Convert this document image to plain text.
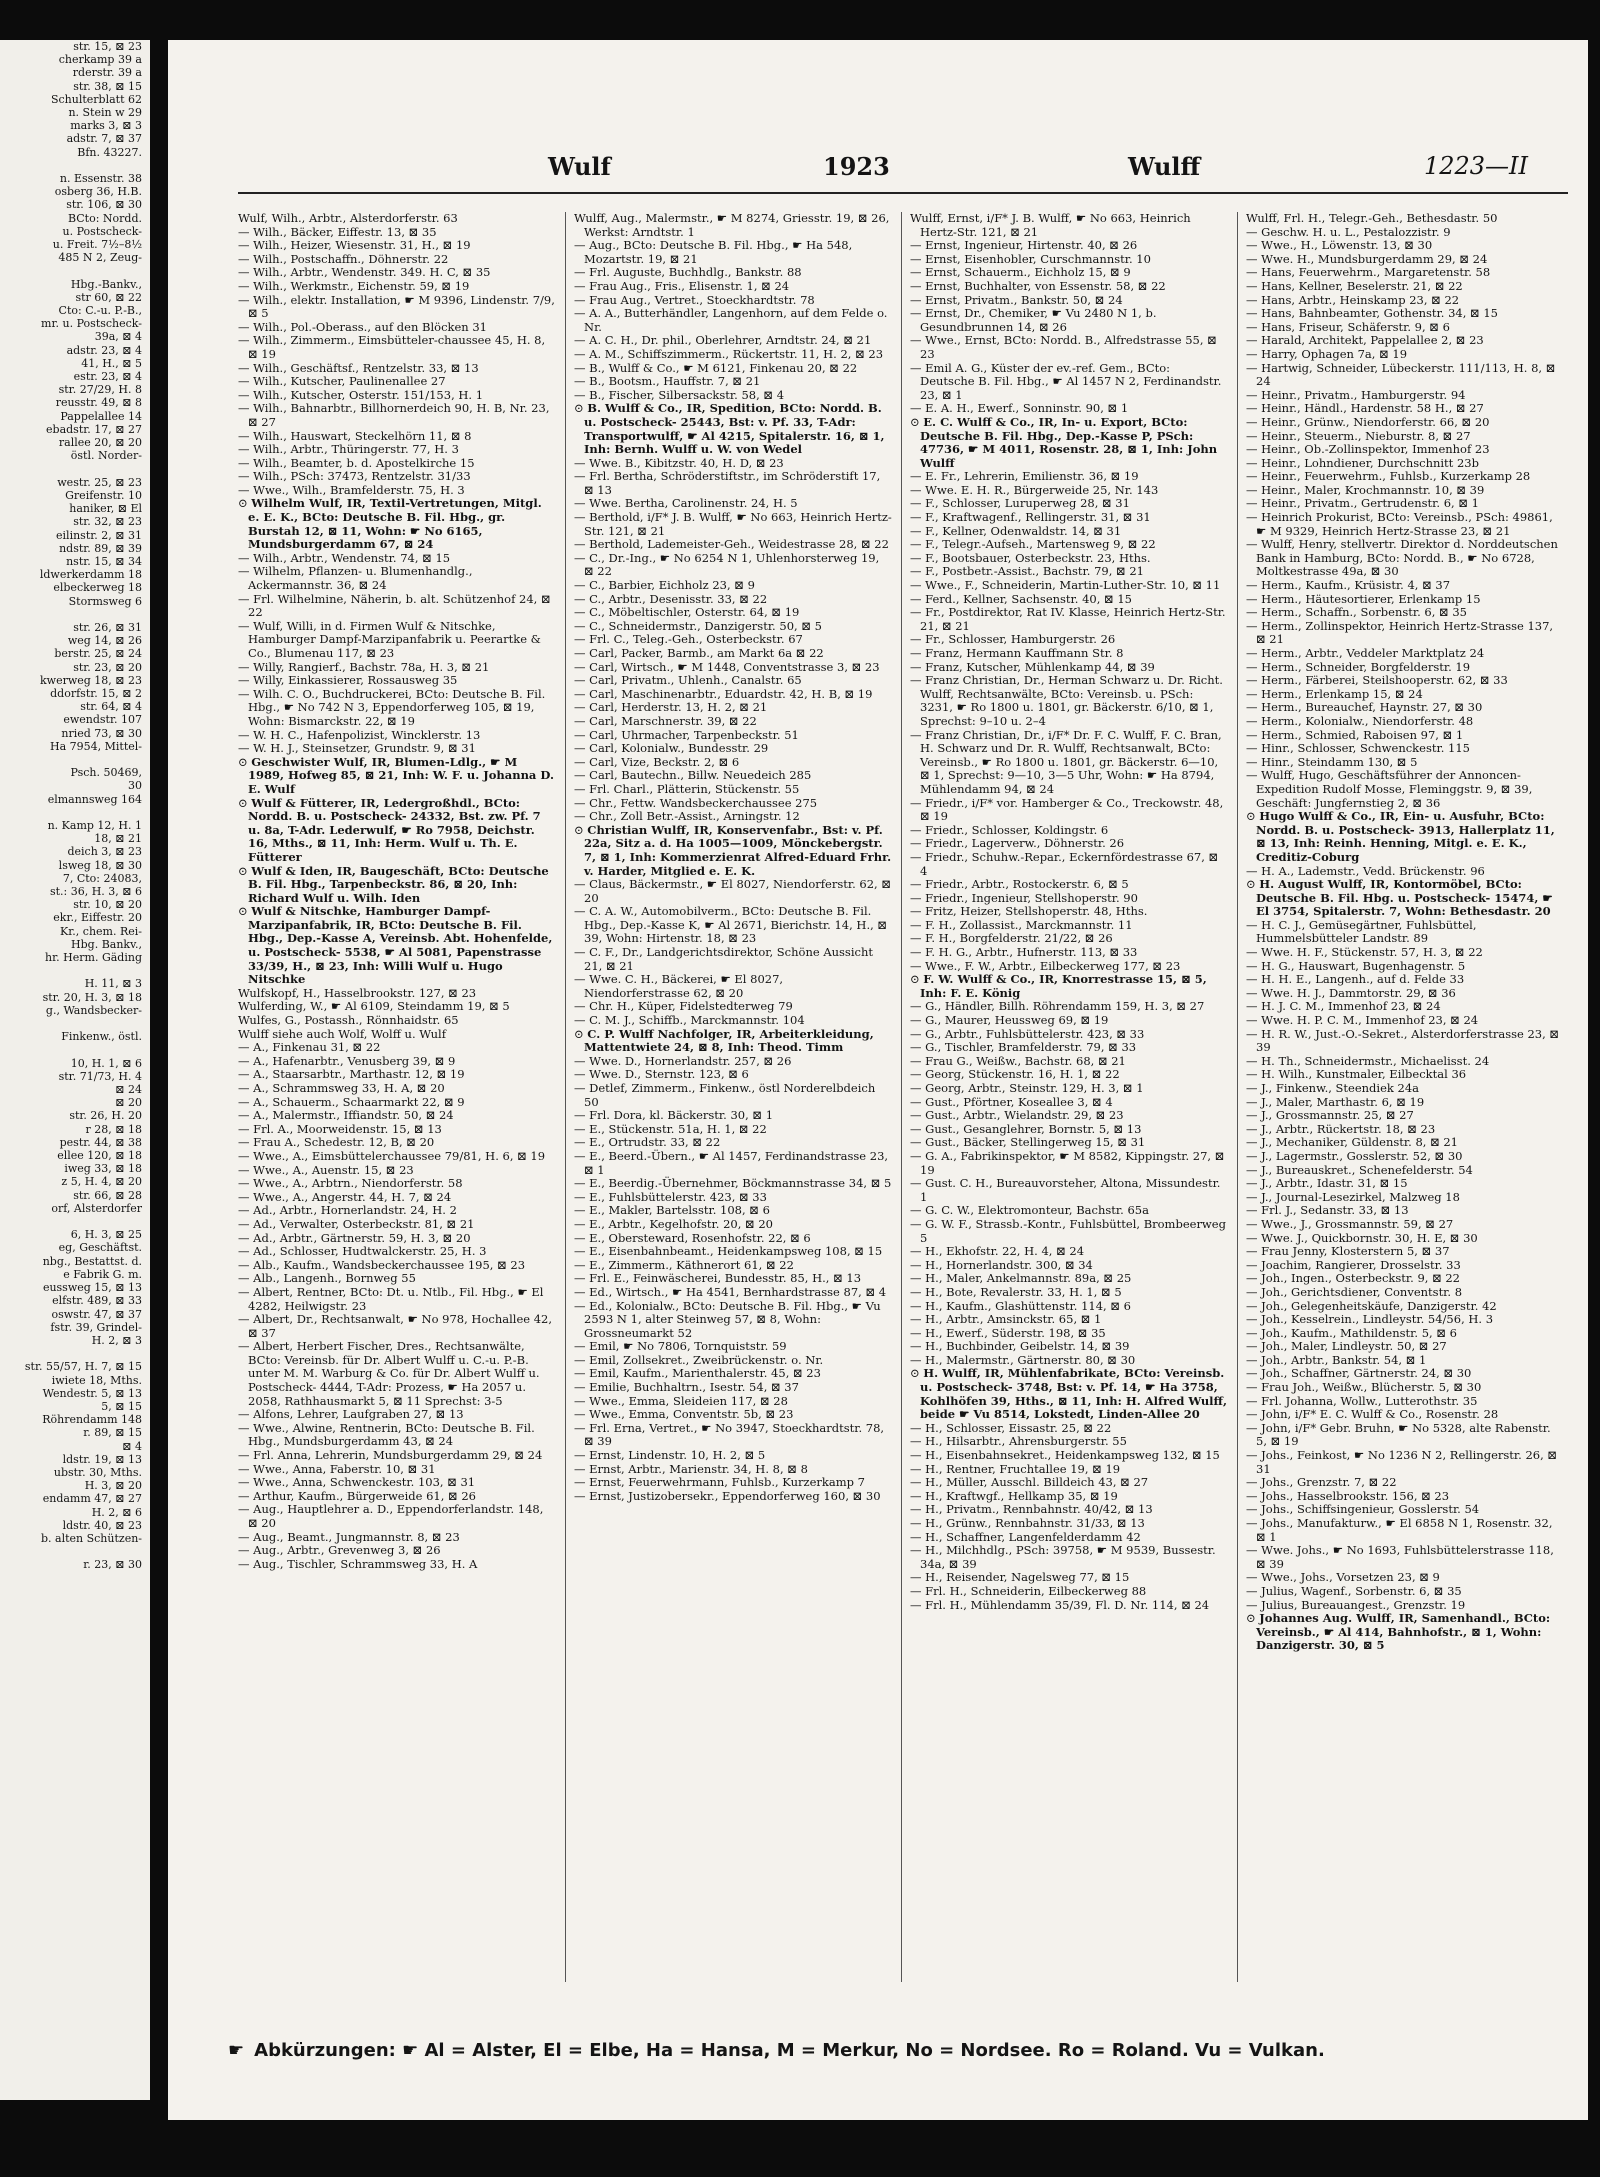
str. 15, ⊠ 23
cherkamp 39 a
rderstr. 39 a
str. 38, ⊠ 15
Schulterblatt 62
n. Stein w 29
marks 3, ⊠ 3
adstr. 7, ⊠ 37
Bfn. 43227.

n. Essenstr. 38
osberg 36, H.B.
str. 106, ⊠ 30
BCto: Nordd.
u. Postscheck-
u. Freit. 7½–8½
485 N 2, Zeug-

Hbg.-Bankv.,
str 60, ⊠ 22
Cto: C.-u. P.-B.,
mr. u. Postscheck-
39a, ⊠ 4
adstr. 23, ⊠ 4
41, H., ⊠ 5
estr. 23, ⊠ 4
str. 27/29, H. 8
reusstr. 49, ⊠ 8
Pappelallee 14
ebadstr. 17, ⊠ 27
rallee 20, ⊠ 20
östl. Norder-

westr. 25, ⊠ 23
Greifenstr. 10
haniker, ⊠ El
str. 32, ⊠ 23
eilinstr. 2, ⊠ 31
ndstr. 89, ⊠ 39
nstr. 15, ⊠ 34
ldwerkerdamm 18
elbeckerweg 18
Stormsweg 6

str. 26, ⊠ 31
weg 14, ⊠ 26
berstr. 25, ⊠ 24
str. 23, ⊠ 20
kwerweg 18, ⊠ 23
ddorfstr. 15, ⊠ 2
str. 64, ⊠ 4
ewendstr. 107
nried 73, ⊠ 30
Ha 7954, Mittel-

Psch. 50469,
30
elmannsweg 164

n. Kamp 12, H. 1
18, ⊠ 21
deich 3, ⊠ 23
lsweg 18, ⊠ 30
7, Cto: 24083,
st.: 36, H. 3, ⊠ 6
str. 10, ⊠ 20
ekr., Eiffestr. 20
Kr., chem. Rei-
Hbg. Bankv.,
hr. Herm. Gäding

H. 11, ⊠ 3
str. 20, H. 3, ⊠ 18
g., Wandsbecker-

Finkenw., östl.

10, H. 1, ⊠ 6
str. 71/73, H. 4
⊠ 24
⊠ 20
str. 26, H. 20
r 28, ⊠ 18
pestr. 44, ⊠ 38
ellee 120, ⊠ 18
iweg 33, ⊠ 18
z 5, H. 4, ⊠ 20
str. 66, ⊠ 28
orf, Alsterdorfer

6, H. 3, ⊠ 25
eg, Geschäftst.
nbg., Bestattst. d.
e Fabrik G. m.
eussweg 15, ⊠ 13
elfstr. 489, ⊠ 33
oswstr. 47, ⊠ 37
fstr. 39, Grindel-
H. 2, ⊠ 3

str. 55/57, H. 7, ⊠ 15
iwiete 18, Mths.
Wendestr. 5, ⊠ 13
5, ⊠ 15
Röhrendamm 148
r. 89, ⊠ 15
⊠ 4
ldstr. 19, ⊠ 13
ubstr. 30, Mths.
H. 3, ⊠ 20
endamm 47, ⊠ 27
H. 2, ⊠ 6
ldstr. 40, ⊠ 23
b. alten Schützen-

r. 23, ⊠ 30
Wulf	1923	Wulff	1223—II
Wulf, Wilh., Arbtr., Alsterdorferstr. 63
— Wilh., Bäcker, Eiffestr. 13, ⊠ 35
— Wilh., Heizer, Wiesenstr. 31, H., ⊠ 19
— Wilh., Postschaffn., Döhnerstr. 22
— Wilh., Arbtr., Wendenstr. 349. H. C, ⊠ 35
— Wilh., Werkmstr., Eichenstr. 59, ⊠ 19
— Wilh., elektr. Installation, ☛ M 9396, Lindenstr. 7/9, ⊠ 5
— Wilh., Pol.-Oberass., auf den Blöcken 31
— Wilh., Zimmerm., Eimsbütteler-chaussee 45, H. 8, ⊠ 19
— Wilh., Geschäftsf., Rentzelstr. 33, ⊠ 13
— Wilh., Kutscher, Paulinenallee 27
— Wilh., Kutscher, Osterstr. 151/153, H. 1
— Wilh., Bahnarbtr., Billhornerdeich 90, H. B, Nr. 23, ⊠ 27
— Wilh., Hauswart, Steckelhörn 11, ⊠ 8
— Wilh., Arbtr., Thüringerstr. 77, H. 3
— Wilh., Beamter, b. d. Apostelkirche 15
— Wilh., PSch: 37473, Rentzelstr. 31/33
— Wwe., Wilh., Bramfelderstr. 75, H. 3
⊙ Wilhelm Wulf, IR, Textil-Vertretungen, Mitgl. e. E. K., BCto: Deutsche B. Fil. Hbg., gr. Burstah 12, ⊠ 11, Wohn: ☛ No 6165, Mundsburgerdamm 67, ⊠ 24
— Wilh., Arbtr., Wendenstr. 74, ⊠ 15
— Wilhelm, Pflanzen- u. Blumenhandlg., Ackermannstr. 36, ⊠ 24
— Frl. Wilhelmine, Näherin, b. alt. Schützenhof 24, ⊠ 22
— Wulf, Willi, in d. Firmen Wulf & Nitschke, Hamburger Dampf-Marzipanfabrik u. Peerartke & Co., Blumenau 117, ⊠ 23
— Willy, Rangierf., Bachstr. 78a, H. 3, ⊠ 21
— Willy, Einkassierer, Rossausweg 35
— Wilh. C. O., Buchdruckerei, BCto: Deutsche B. Fil. Hbg., ☛ No 742 N 3, Eppendorferweg 105, ⊠ 19, Wohn: Bismarckstr. 22, ⊠ 19
— W. H. C., Hafenpolizist, Wincklerstr. 13
— W. H. J., Steinsetzer, Grundstr. 9, ⊠ 31
⊙ Geschwister Wulf, IR, Blumen-Ldlg., ☛ M 1989, Hofweg 85, ⊠ 21, Inh: W. F. u. Johanna D. E. Wulf
⊙ Wulf & Fütterer, IR, Ledergroßhdl., BCto: Nordd. B. u. Postscheck- 24332, Bst. zw. Pf. 7 u. 8a, T-Adr. Lederwulf, ☛ Ro 7958, Deichstr. 16, Mths., ⊠ 11, Inh: Herm. Wulf u. Th. E. Fütterer
⊙ Wulf & Iden, IR, Baugeschäft, BCto: Deutsche B. Fil. Hbg., Tarpenbeckstr. 86, ⊠ 20, Inh: Richard Wulf u. Wilh. Iden
⊙ Wulf & Nitschke, Hamburger Dampf-Marzipanfabrik, IR, BCto: Deutsche B. Fil. Hbg., Dep.-Kasse A, Vereinsb. Abt. Hohenfelde, u. Postscheck- 5538, ☛ Al 5081, Papenstrasse 33/39, H., ⊠ 23, Inh: Willi Wulf u. Hugo Nitschke
Wulfskopf, H., Hasselbrookstr. 127, ⊠ 23
Wulferding, W., ☛ Al 6109, Steindamm 19, ⊠ 5
Wulfes, G., Postassh., Rönnhaidstr. 65
Wulff siehe auch Wolf, Wolff u. Wulf
— A., Finkenau 31, ⊠ 22
— A., Hafenarbtr., Venusberg 39, ⊠ 9
— A., Staarsarbtr., Marthastr. 12, ⊠ 19
— A., Schrammsweg 33, H. A, ⊠ 20
— A., Schauerm., Schaarmarkt 22, ⊠ 9
— A., Malermstr., Iffiandstr. 50, ⊠ 24
— Frl. A., Moorweidenstr. 15, ⊠ 13
— Frau A., Schedestr. 12, B, ⊠ 20
— Wwe., A., Eimsbüttelerchaussee 79/81, H. 6, ⊠ 19
— Wwe., A., Auenstr. 15, ⊠ 23
— Wwe., A., Arbtrn., Niendorferstr. 58
— Wwe., A., Angerstr. 44, H. 7, ⊠ 24
— Ad., Arbtr., Hornerlandstr. 24, H. 2
— Ad., Verwalter, Osterbeckstr. 81, ⊠ 21
— Ad., Arbtr., Gärtnerstr. 59, H. 3, ⊠ 20
— Ad., Schlosser, Hudtwalckerstr. 25, H. 3
— Alb., Kaufm., Wandsbeckerchaussee 195, ⊠ 23
— Alb., Langenh., Bornweg 55
— Albert, Rentner, BCto: Dt. u. Ntlb., Fil. Hbg., ☛ El 4282, Heilwigstr. 23
— Albert, Dr., Rechtsanwalt, ☛ No 978, Hochallee 42, ⊠ 37
— Albert, Herbert Fischer, Dres., Rechtsanwälte, BCto: Vereinsb. für Dr. Albert Wulff u. C.-u. P.-B. unter M. M. Warburg & Co. für Dr. Albert Wulff u. Postscheck- 4444, T-Adr: Prozess, ☛ Ha 2057 u. 2058, Rathhausmarkt 5, ⊠ 11 Sprechst: 3-5
— Alfons, Lehrer, Laufgraben 27, ⊠ 13
— Wwe., Alwine, Rentnerin, BCto: Deutsche B. Fil. Hbg., Mundsburgerdamm 43, ⊠ 24
— Frl. Anna, Lehrerin, Mundsburgerdamm 29, ⊠ 24
— Wwe., Anna, Faberstr. 10, ⊠ 31
— Wwe., Anna, Schwenckestr. 103, ⊠ 31
— Arthur, Kaufm., Bürgerweide 61, ⊠ 26
— Aug., Hauptlehrer a. D., Eppendorferlandstr. 148, ⊠ 20
— Aug., Beamt., Jungmannstr. 8, ⊠ 23
— Aug., Arbtr., Grevenweg 3, ⊠ 26
— Aug., Tischler, Schrammsweg 33, H. A
Wulff, Aug., Malermstr., ☛ M 8274, Griesstr. 19, ⊠ 26, Werkst: Arndtstr. 1
— Aug., BCto: Deutsche B. Fil. Hbg., ☛ Ha 548, Mozartstr. 19, ⊠ 21
— Frl. Auguste, Buchhdlg., Bankstr. 88
— Frau Aug., Fris., Elisenstr. 1, ⊠ 24
— Frau Aug., Vertret., Stoeckhardtstr. 78
— A. A., Butterhändler, Langenhorn, auf dem Felde o. Nr.
— A. C. H., Dr. phil., Oberlehrer, Arndtstr. 24, ⊠ 21
— A. M., Schiffszimmerm., Rückertstr. 11, H. 2, ⊠ 23
— B., Wulff & Co., ☛ M 6121, Finkenau 20, ⊠ 22
— B., Bootsm., Hauffstr. 7, ⊠ 21
— B., Fischer, Silbersackstr. 58, ⊠ 4
⊙ B. Wulff & Co., IR, Spedition, BCto: Nordd. B. u. Postscheck- 25443, Bst: v. Pf. 33, T-Adr: Transportwulff, ☛ Al 4215, Spitalerstr. 16, ⊠ 1, Inh: Bernh. Wulff u. W. von Wedel
— Wwe. B., Kibitzstr. 40, H. D, ⊠ 23
— Frl. Bertha, Schröderstiftstr., im Schröderstift 17, ⊠ 13
— Wwe. Bertha, Carolinenstr. 24, H. 5
— Berthold, i/F* J. B. Wulff, ☛ No 663, Heinrich Hertz-Str. 121, ⊠ 21
— Berthold, Lademeister-Geh., Weidestrasse 28, ⊠ 22
— C., Dr.-Ing., ☛ No 6254 N 1, Uhlenhorsterweg 19, ⊠ 22
— C., Barbier, Eichholz 23, ⊠ 9
— C., Arbtr., Desenisstr. 33, ⊠ 22
— C., Möbeltischler, Osterstr. 64, ⊠ 19
— C., Schneidermstr., Danzigerstr. 50, ⊠ 5
— Frl. C., Teleg.-Geh., Osterbeckstr. 67
— Carl, Packer, Barmb., am Markt 6a ⊠ 22
— Carl, Wirtsch., ☛ M 1448, Conventstrasse 3, ⊠ 23
— Carl, Privatm., Uhlenh., Canalstr. 65
— Carl, Maschinenarbtr., Eduardstr. 42, H. B, ⊠ 19
— Carl, Herderstr. 13, H. 2, ⊠ 21
— Carl, Marschnerstr. 39, ⊠ 22
— Carl, Uhrmacher, Tarpenbeckstr. 51
— Carl, Kolonialw., Bundesstr. 29
— Carl, Vize, Beckstr. 2, ⊠ 6
— Carl, Bautechn., Billw. Neuedeich 285
— Frl. Charl., Plätterin, Stückenstr. 55
— Chr., Fettw. Wandsbeckerchaussee 275
— Chr., Zoll Betr.-Assist., Arningstr. 12
⊙ Christian Wulff, IR, Konservenfabr., Bst: v. Pf. 22a, Sitz a. d. Ha 1005—1009, Mönckebergstr. 7, ⊠ 1, Inh: Kommerzienrat Alfred-Eduard Frhr. v. Harder, Mitglied e. E. K.
— Claus, Bäckermstr., ☛ El 8027, Niendorferstr. 62, ⊠ 20
— C. A. W., Automobilverm., BCto: Deutsche B. Fil. Hbg., Dep.-Kasse K, ☛ Al 2671, Bierichstr. 14, H., ⊠ 39, Wohn: Hirtenstr. 18, ⊠ 23
— C. F., Dr., Landgerichtsdirektor, Schöne Aussicht 21, ⊠ 21
— Wwe. C. H., Bäckerei, ☛ El 8027, Niendorferstrasse 62, ⊠ 20
— Chr. H., Küper, Fidelstedterweg 79
— C. M. J., Schiffb., Marckmannstr. 104
⊙ C. P. Wulff Nachfolger, IR, Arbeiterkleidung, Mattentwiete 24, ⊠ 8, Inh: Theod. Timm
— Wwe. D., Hornerlandstr. 257, ⊠ 26
— Wwe. D., Sternstr. 123, ⊠ 6
— Detlef, Zimmerm., Finkenw., östl Norderelbdeich 50
— Frl. Dora, kl. Bäckerstr. 30, ⊠ 1
— E., Stückenstr. 51a, H. 1, ⊠ 22
— E., Ortrudstr. 33, ⊠ 22
— E., Beerd.-Übern., ☛ Al 1457, Ferdinandstrasse 23, ⊠ 1
— E., Beerdig.-Übernehmer, Böckmannstrasse 34, ⊠ 5
— E., Fuhlsbüttelerstr. 423, ⊠ 33
— E., Makler, Bartelsstr. 108, ⊠ 6
— E., Arbtr., Kegelhofstr. 20, ⊠ 20
— E., Obersteward, Rosenhofstr. 22, ⊠ 6
— E., Eisenbahnbeamt., Heidenkampsweg 108, ⊠ 15
— E., Zimmerm., Käthnerort 61, ⊠ 22
— Frl. E., Feinwäscherei, Bundesstr. 85, H., ⊠ 13
— Ed., Wirtsch., ☛ Ha 4541, Bernhardstrasse 87, ⊠ 4
— Ed., Kolonialw., BCto: Deutsche B. Fil. Hbg., ☛ Vu 2593 N 1, alter Steinweg 57, ⊠ 8, Wohn: Grossneumarkt 52
— Emil, ☛ No 7806, Tornquiststr. 59
— Emil, Zollsekret., Zweibrückenstr. o. Nr.
— Emil, Kaufm., Marienthalerstr. 45, ⊠ 23
— Emilie, Buchhaltrn., Isestr. 54, ⊠ 37
— Wwe., Emma, Sleideien 117, ⊠ 28
— Wwe., Emma, Conventstr. 5b, ⊠ 23
— Frl. Erna, Vertret., ☛ No 3947, Stoeckhardtstr. 78, ⊠ 39
— Ernst, Lindenstr. 10, H. 2, ⊠ 5
— Ernst, Arbtr., Marienstr. 34, H. 8, ⊠ 8
— Ernst, Feuerwehrmann, Fuhlsb., Kurzerkamp 7
— Ernst, Justizobersekr., Eppendorferweg 160, ⊠ 30
Wulff, Ernst, i/F* J. B. Wulff, ☛ No 663, Heinrich Hertz-Str. 121, ⊠ 21
— Ernst, Ingenieur, Hirtenstr. 40, ⊠ 26
— Ernst, Eisenhobler, Curschmannstr. 10
— Ernst, Schauerm., Eichholz 15, ⊠ 9
— Ernst, Buchhalter, von Essenstr. 58, ⊠ 22
— Ernst, Privatm., Bankstr. 50, ⊠ 24
— Ernst, Dr., Chemiker, ☛ Vu 2480 N 1, b. Gesundbrunnen 14, ⊠ 26
— Wwe., Ernst, BCto: Nordd. B., Alfredstrasse 55, ⊠ 23
— Emil A. G., Küster der ev.-ref. Gem., BCto: Deutsche B. Fil. Hbg., ☛ Al 1457 N 2, Ferdinandstr. 23, ⊠ 1
— E. A. H., Ewerf., Sonninstr. 90, ⊠ 1
⊙ E. C. Wulff & Co., IR, In- u. Export, BCto: Deutsche B. Fil. Hbg., Dep.-Kasse P, PSch: 47736, ☛ M 4011, Rosenstr. 28, ⊠ 1, Inh: John Wulff
— E. Fr., Lehrerin, Emilienstr. 36, ⊠ 19
— Wwe. E. H. R., Bürgerweide 25, Nr. 143
— F., Schlosser, Luruperweg 28, ⊠ 31
— F., Kraftwagenf., Rellingerstr. 31, ⊠ 31
— F., Kellner, Odenwaldstr. 14, ⊠ 31
— F., Telegr.-Aufseh., Martensweg 9, ⊠ 22
— F., Bootsbauer, Osterbeckstr. 23, Hths.
— F., Postbetr.-Assist., Bachstr. 79, ⊠ 21
— Wwe., F., Schneiderin, Martin-Luther-Str. 10, ⊠ 11
— Ferd., Kellner, Sachsenstr. 40, ⊠ 15
— Fr., Postdirektor, Rat IV. Klasse, Heinrich Hertz-Str. 21, ⊠ 21
— Fr., Schlosser, Hamburgerstr. 26
— Franz, Hermann Kauffmann Str. 8
— Franz, Kutscher, Mühlenkamp 44, ⊠ 39
— Franz Christian, Dr., Herman Schwarz u. Dr. Richt. Wulff, Rechtsanwälte, BCto: Vereinsb. u. PSch: 3231, ☛ Ro 1800 u. 1801, gr. Bäckerstr. 6/10, ⊠ 1, Sprechst: 9–10 u. 2–4
— Franz Christian, Dr., i/F* Dr. F. C. Wulff, F. C. Bran, H. Schwarz und Dr. R. Wulff, Rechtsanwalt, BCto: Vereinsb., ☛ Ro 1800 u. 1801, gr. Bäckerstr. 6—10, ⊠ 1, Sprechst: 9—10, 3—5 Uhr, Wohn: ☛ Ha 8794, Mühlendamm 94, ⊠ 24
— Friedr., i/F* vor. Hamberger & Co., Treckowstr. 48, ⊠ 19
— Friedr., Schlosser, Koldingstr. 6
— Friedr., Lagerverw., Döhnerstr. 26
— Friedr., Schuhw.-Repar., Eckernfördestrasse 67, ⊠ 4
— Friedr., Arbtr., Rostockerstr. 6, ⊠ 5
— Friedr., Ingenieur, Stellshoperstr. 90
— Fritz, Heizer, Stellshoperstr. 48, Hths.
— F. H., Zollassist., Marckmannstr. 11
— F. H., Borgfelderstr. 21/22, ⊠ 26
— F. H. G., Arbtr., Hufnerstr. 113, ⊠ 33
— Wwe., F. W., Arbtr., Eilbeckerweg 177, ⊠ 23
⊙ F. W. Wulff & Co., IR, Knorrestrasse 15, ⊠ 5, Inh: F. E. König
— G., Händler, Billh. Röhrendamm 159, H. 3, ⊠ 27
— G., Maurer, Heussweg 69, ⊠ 19
— G., Arbtr., Fuhlsbüttelerstr. 423, ⊠ 33
— G., Tischler, Bramfelderstr. 79, ⊠ 33
— Frau G., Weißw., Bachstr. 68, ⊠ 21
— Georg, Stückenstr. 16, H. 1, ⊠ 22
— Georg, Arbtr., Steinstr. 129, H. 3, ⊠ 1
— Gust., Pförtner, Koseallee 3, ⊠ 4
— Gust., Arbtr., Wielandstr. 29, ⊠ 23
— Gust., Gesanglehrer, Bornstr. 5, ⊠ 13
— Gust., Bäcker, Stellingerweg 15, ⊠ 31
— G. A., Fabrikinspektor, ☛ M 8582, Kippingstr. 27, ⊠ 19
— Gust. C. H., Bureauvorsteher, Altona, Missundestr. 1
— G. C. W., Elektromonteur, Bachstr. 65a
— G. W. F., Strassb.-Kontr., Fuhlsbüttel, Brombeerweg 5
— H., Ekhofstr. 22, H. 4, ⊠ 24
— H., Hornerlandstr. 300, ⊠ 34
— H., Maler, Ankelmannstr. 89a, ⊠ 25
— H., Bote, Revalerstr. 33, H. 1, ⊠ 5
— H., Kaufm., Glashüttenstr. 114, ⊠ 6
— H., Arbtr., Amsinckstr. 65, ⊠ 1
— H., Ewerf., Süderstr. 198, ⊠ 35
— H., Buchbinder, Geibelstr. 14, ⊠ 39
— H., Malermstr., Gärtnerstr. 80, ⊠ 30
⊙ H. Wulff, IR, Mühlenfabrikate, BCto: Vereinsb. u. Postscheck- 3748, Bst: v. Pf. 14, ☛ Ha 3758, Kohlhöfen 39, Hths., ⊠ 11, Inh: H. Alfred Wulff, beide ☛ Vu 8514, Lokstedt, Linden-Allee 20
— H., Schlosser, Eissastr. 25, ⊠ 22
— H., Hilsarbtr., Ahrensburgerstr. 55
— H., Eisenbahnsekret., Heidenkampsweg 132, ⊠ 15
— H., Rentner, Fruchtallee 19, ⊠ 19
— H., Müller, Ausschl. Billdeich 43, ⊠ 27
— H., Kraftwgf., Hellkamp 35, ⊠ 19
— H., Privatm., Rennbahnstr. 40/42, ⊠ 13
— H., Grünw., Rennbahnstr. 31/33, ⊠ 13
— H., Schaffner, Langenfelderdamm 42
— H., Milchhdlg., PSch: 39758, ☛ M 9539, Bussestr. 34a, ⊠ 39
— H., Reisender, Nagelsweg 77, ⊠ 15
— Frl. H., Schneiderin, Eilbeckerweg 88
— Frl. H., Mühlendamm 35/39, Fl. D. Nr. 114, ⊠ 24
Wulff, Frl. H., Telegr.-Geh., Bethesdastr. 50
— Geschw. H. u. L., Pestalozzistr. 9
— Wwe., H., Löwenstr. 13, ⊠ 30
— Wwe. H., Mundsburgerdamm 29, ⊠ 24
— Hans, Feuerwehrm., Margaretenstr. 58
— Hans, Kellner, Beselerstr. 21, ⊠ 22
— Hans, Arbtr., Heinskamp 23, ⊠ 22
— Hans, Bahnbeamter, Gothenstr. 34, ⊠ 15
— Hans, Friseur, Schäferstr. 9, ⊠ 6
— Harald, Architekt, Pappelallee 2, ⊠ 23
— Harry, Ophagen 7a, ⊠ 19
— Hartwig, Schneider, Lübeckerstr. 111/113, H. 8, ⊠ 24
— Heinr., Privatm., Hamburgerstr. 94
— Heinr., Händl., Hardenstr. 58 H., ⊠ 27
— Heinr., Grünw., Niendorferstr. 66, ⊠ 20
— Heinr., Steuerm., Nieburstr. 8, ⊠ 27
— Heinr., Ob.-Zollinspektor, Immenhof 23
— Heinr., Lohndiener, Durchschnitt 23b
— Heinr., Feuerwehrm., Fuhlsb., Kurzerkamp 28
— Heinr., Maler, Krochmannstr. 10, ⊠ 39
— Heinr., Privatm., Gertrudenstr. 6, ⊠ 1
— Heinrich Prokurist, BCto: Vereinsb., PSch: 49861, ☛ M 9329, Heinrich Hertz-Strasse 23, ⊠ 21
— Wulff, Henry, stellvertr. Direktor d. Norddeutschen Bank in Hamburg, BCto: Nordd. B., ☛ No 6728, Moltkestrasse 49a, ⊠ 30
— Herm., Kaufm., Krüsistr. 4, ⊠ 37
— Herm., Häutesortierer, Erlenkamp 15
— Herm., Schaffn., Sorbenstr. 6, ⊠ 35
— Herm., Zollinspektor, Heinrich Hertz-Strasse 137, ⊠ 21
— Herm., Arbtr., Veddeler Marktplatz 24
— Herm., Schneider, Borgfelderstr. 19
— Herm., Färberei, Steilshooperstr. 62, ⊠ 33
— Herm., Erlenkamp 15, ⊠ 24
— Herm., Bureauchef, Haynstr. 27, ⊠ 30
— Herm., Kolonialw., Niendorferstr. 48
— Herm., Schmied, Raboisen 97, ⊠ 1
— Hinr., Schlosser, Schwenckestr. 115
— Hinr., Steindamm 130, ⊠ 5
— Wulff, Hugo, Geschäftsführer der Annoncen-Expedition Rudolf Mosse, Fleminggstr. 9, ⊠ 39, Geschäft: Jungfernstieg 2, ⊠ 36
⊙ Hugo Wulff & Co., IR, Ein- u. Ausfuhr, BCto: Nordd. B. u. Postscheck- 3913, Hallerplatz 11, ⊠ 13, Inh: Reinh. Henning, Mitgl. e. E. K., Creditiz-Coburg
— H. A., Lademstr., Vedd. Brückenstr. 96
⊙ H. August Wulff, IR, Kontormöbel, BCto: Deutsche B. Fil. Hbg. u. Postscheck- 15474, ☛ El 3754, Spitalerstr. 7, Wohn: Bethesdastr. 20
— H. C. J., Gemüsegärtner, Fuhlsbüttel, Hummelsbütteler Landstr. 89
— Wwe. H. F., Stückenstr. 57, H. 3, ⊠ 22
— H. G., Hauswart, Bugenhagenstr. 5
— H. H. E., Langenh., auf d. Felde 33
— Wwe. H. J., Dammtorstr. 29, ⊠ 36
— H. J. C. M., Immenhof 23, ⊠ 24
— Wwe. H. P. C. M., Immenhof 23, ⊠ 24
— H. R. W., Just.-O.-Sekret., Alsterdorferstrasse 23, ⊠ 39
— H. Th., Schneidermstr., Michaelisst. 24
— H. Wilh., Kunstmaler, Eilbecktal 36
— J., Finkenw., Steendiek 24a
— J., Maler, Marthastr. 6, ⊠ 19
— J., Grossmannstr. 25, ⊠ 27
— J., Arbtr., Rückertstr. 18, ⊠ 23
— J., Mechaniker, Güldenstr. 8, ⊠ 21
— J., Lagermstr., Gosslerstr. 52, ⊠ 30
— J., Bureauskret., Schenefelderstr. 54
— J., Arbtr., Idastr. 31, ⊠ 15
— J., Journal-Lesezirkel, Malzweg 18
— Frl. J., Sedanstr. 33, ⊠ 13
— Wwe., J., Grossmannstr. 59, ⊠ 27
— Wwe. J., Quickbornstr. 30, H. E, ⊠ 30
— Frau Jenny, Klosterstern 5, ⊠ 37
— Joachim, Rangierer, Drosselstr. 33
— Joh., Ingen., Osterbeckstr. 9, ⊠ 22
— Joh., Gerichtsdiener, Conventstr. 8
— Joh., Gelegenheitskäufe, Danzigerstr. 42
— Joh., Kesselrein., Lindleystr. 54/56, H. 3
— Joh., Kaufm., Mathildenstr. 5, ⊠ 6
— Joh., Maler, Lindleystr. 50, ⊠ 27
— Joh., Arbtr., Bankstr. 54, ⊠ 1
— Joh., Schaffner, Gärtnerstr. 24, ⊠ 30
— Frau Joh., Weißw., Blücherstr. 5, ⊠ 30
— Frl. Johanna, Wollw., Lutterothstr. 35
— John, i/F* E. C. Wulff & Co., Rosenstr. 28
— John, i/F* Gebr. Bruhn, ☛ No 5328, alte Rabenstr. 5, ⊠ 19
— Johs., Feinkost, ☛ No 1236 N 2, Rellingerstr. 26, ⊠ 31
— Johs., Grenzstr. 7, ⊠ 22
— Johs., Hasselbrookstr. 156, ⊠ 23
— Johs., Schiffsingenieur, Gosslerstr. 54
— Johs., Manufakturw., ☛ El 6858 N 1, Rosenstr. 32, ⊠ 1
— Wwe. Johs., ☛ No 1693, Fuhlsbüttelerstrasse 118, ⊠ 39
— Wwe., Johs., Vorsetzen 23, ⊠ 9
— Julius, Wagenf., Sorbenstr. 6, ⊠ 35
— Julius, Bureauangest., Grenzstr. 19
⊙ Johannes Aug. Wulff, IR, Samenhandl., BCto: Vereinsb., ☛ Al 414, Bahnhofstr., ⊠ 1, Wohn: Danzigerstr. 30, ⊠ 5
☛ Abkürzungen: ☛ Al = Alster, El = Elbe, Ha = Hansa, M = Merkur, No = Nordsee. Ro = Roland. Vu = Vulkan.
